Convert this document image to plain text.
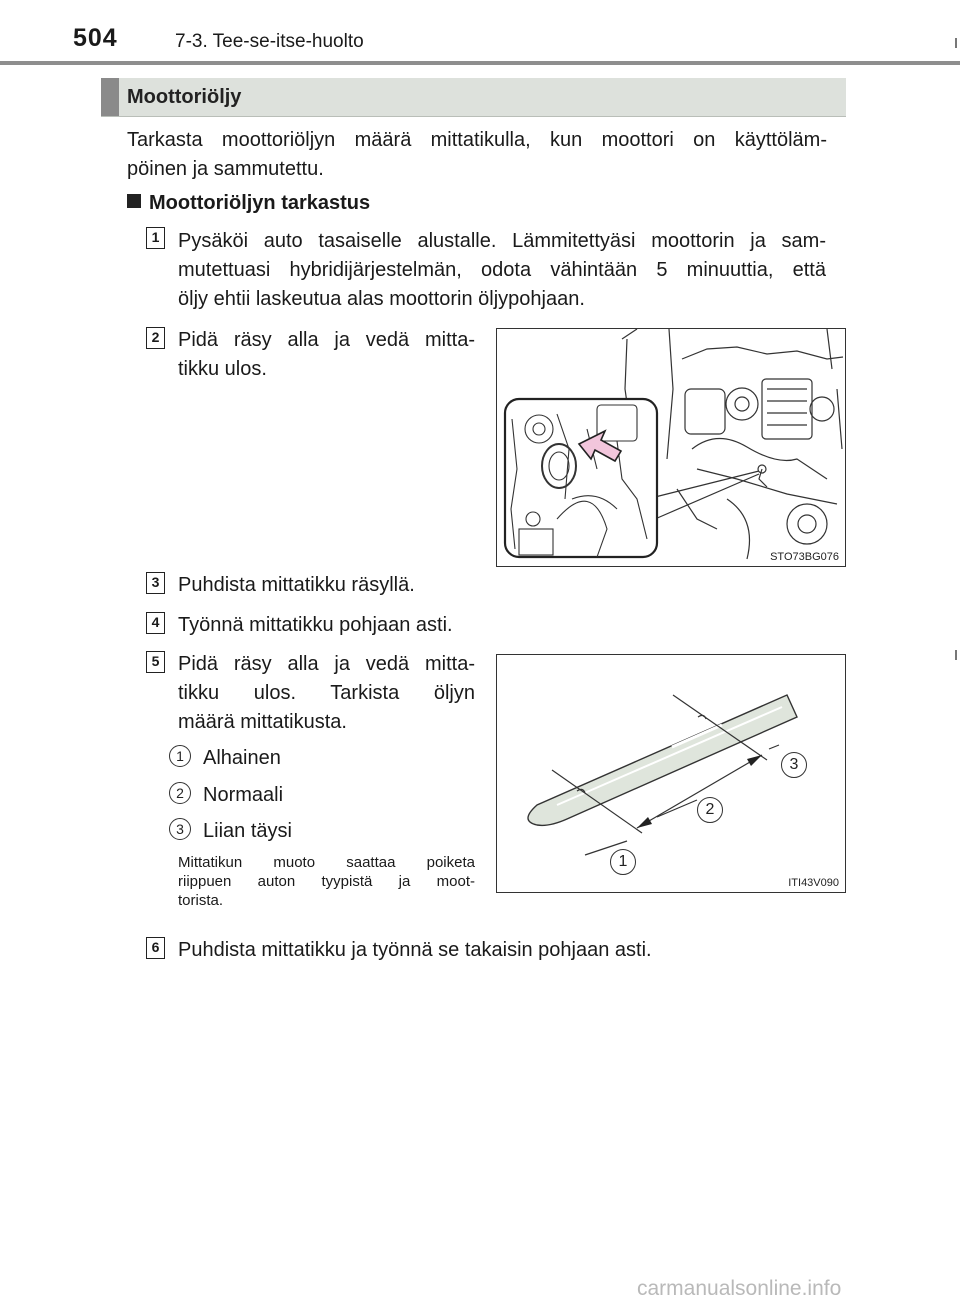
504	7-3. Tee-se-itse-huolto
Moottoriöljy
Tarkasta moottoriöljyn määrä mittatikulla, kun moottori on käyttöläm-
pöinen ja sammutettu.
Moottoriöljyn tarkastus
1 Pysäköi auto tasaiselle alustalle. Lämmitettyäsi moottorin ja sam-
mutettuasi hybridijärjestelmän, odota vähintään 5 minuuttia, että
öljy ehtii laskeutua alas moottorin öljypohjaan.
2 Pidä räsy alla ja vedä mitta-
tikku ulos.
STO73BG076
3 Puhdista mittatikku räsyllä.
4 Työnnä mittatikku pohjaan asti.
5 Pidä räsy alla ja vedä mitta-
tikku ulos. Tarkista öljyn
määrä mittatikusta.
1 Alhainen
2 Normaali
3 Liian täysi
Mittatikun muoto saattaa poiketa
riippuen auton tyypistä ja moot-
torista.
3
2
1
ITI43V090
6 Puhdista mittatikku ja työnnä se takaisin pohjaan asti.
carmanualsonline.info
